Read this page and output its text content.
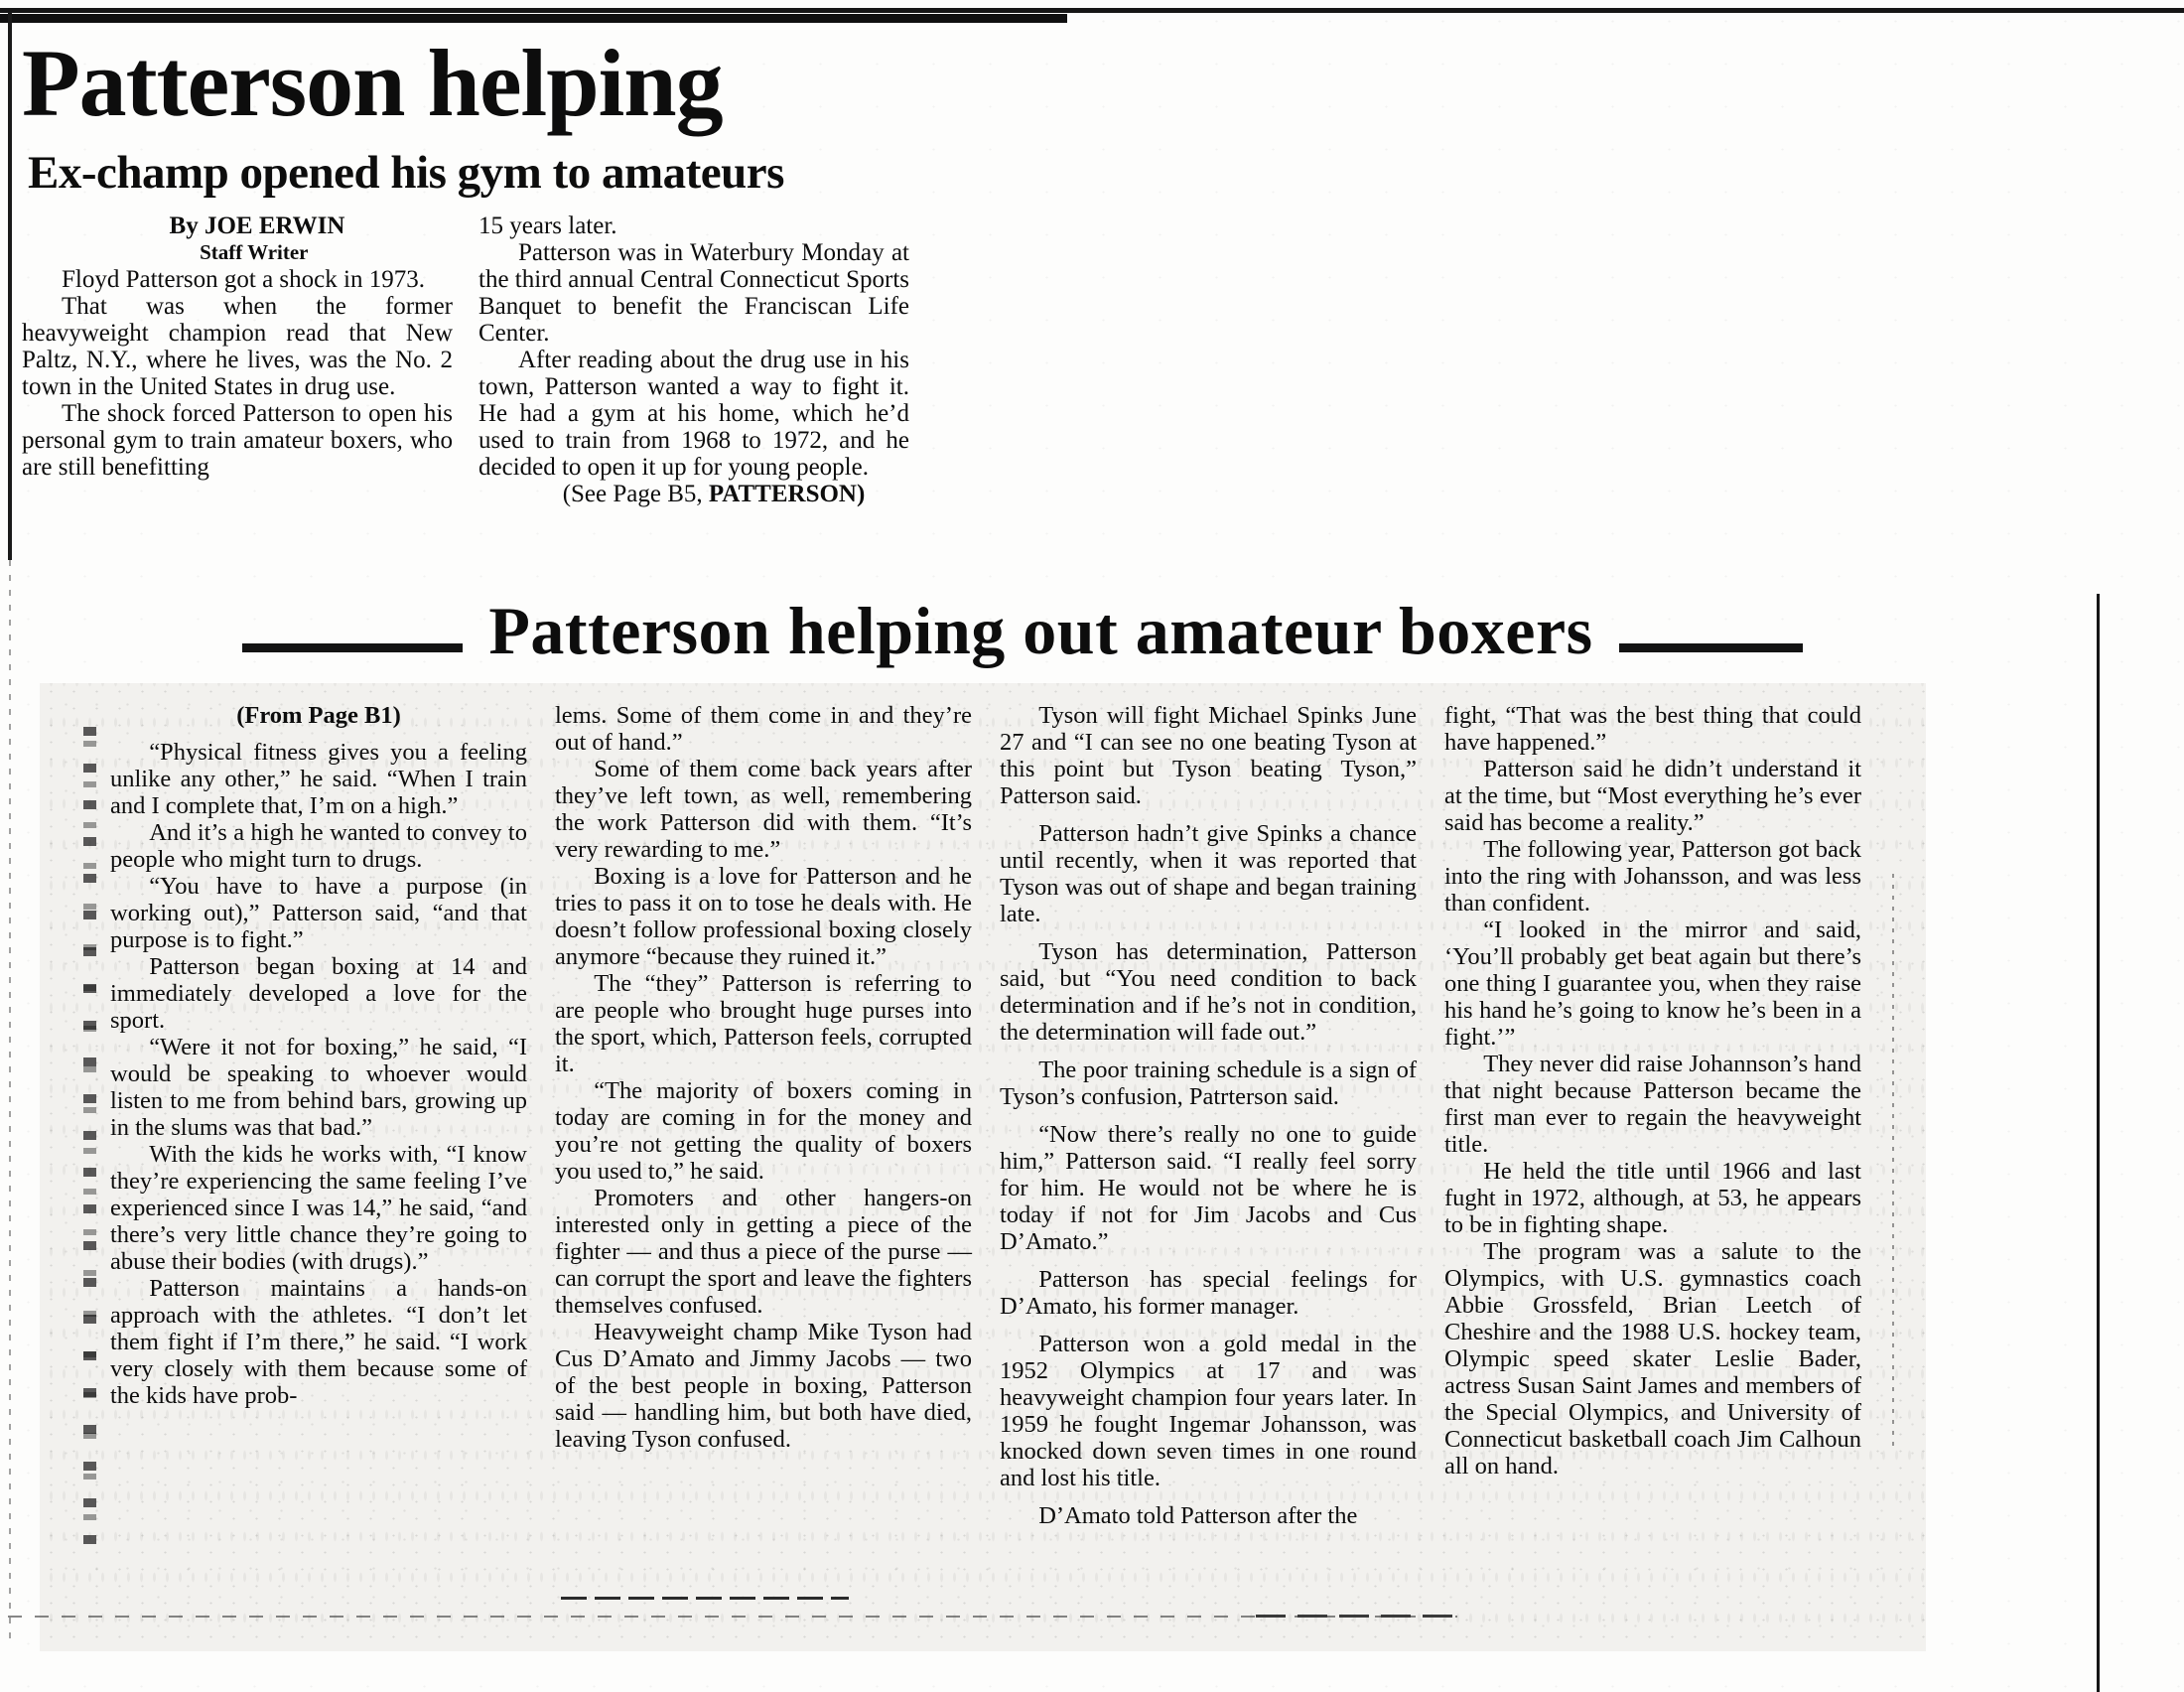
Patterson helping
Ex-champ opened his gym to amateurs

By JOE ERWIN

Staff Writer

Floyd Patterson got a shock in 1973.

That was when the former heavyweight champion read that New Paltz, N.Y., where he lives, was the No. 2 town in the United States in drug use.

The shock forced Patterson to open his personal gym to train amateur boxers, who are still benefitting

15 years later.

Patterson was in Waterbury Monday at the third annual Central Connecticut Sports Banquet to benefit the Franciscan Life Center.

After reading about the drug use in his town, Patterson wanted a way to fight it. He had a gym at his home, which he’d used to train from 1968 to 1972, and he decided to open it up for young people.

(See Page B5, PATTERSON)

Patterson helping out amateur boxers

(From Page B1)

“Physical fitness gives you a feeling unlike any other,” he said. “When I train and I complete that, I’m on a high.”

And it’s a high he wanted to convey to people who might turn to drugs.

“You have to have a purpose (in working out),” Patterson said, “and that purpose is to fight.”

Patterson began boxing at 14 and immediately developed a love for the sport.

“Were it not for boxing,” he said, “I would be speaking to whoever would listen to me from behind bars, growing up in the slums was that bad.”

With the kids he works with, “I know they’re experiencing the same feeling I’ve experienced since I was 14,” he said, “and there’s very little chance they’re going to abuse their bodies (with drugs).”

Patterson maintains a hands-on approach with the athletes. “I don’t let them fight if I’m there,” he said. “I work very closely with them because some of the kids have prob-

lems. Some of them come in and they’re out of hand.”

Some of them come back years after they’ve left town, as well, remembering the work Patterson did with them. “It’s very rewarding to me.”

Boxing is a love for Patterson and he tries to pass it on to tose he deals with. He doesn’t follow professional boxing closely anymore “because they ruined it.”

The “they” Patterson is referring to are people who brought huge purses into the sport, which, Patterson feels, corrupted it.

“The majority of boxers coming in today are coming in for the money and you’re not getting the quality of boxers you used to,” he said.

Promoters and other hangers-on interested only in getting a piece of the fighter — and thus a piece of the purse — can corrupt the sport and leave the fighters themselves confused.

Heavyweight champ Mike Tyson had Cus D’Amato and Jimmy Jacobs — two of the best people in boxing, Patterson said — handling him, but both have died, leaving Tyson confused.

Tyson will fight Michael Spinks June 27 and “I can see no one beating Tyson at this point but Tyson beating Tyson,” Patterson said.

Patterson hadn’t give Spinks a chance until recently, when it was reported that Tyson was out of shape and began training late.

Tyson has determination, Patterson said, but “You need condition to back determination and if he’s not in condition, the determination will fade out.”

The poor training schedule is a sign of Tyson’s confusion, Patrterson said.

“Now there’s really no one to guide him,” Patterson said. “I really feel sorry for him. He would not be where he is today if not for Jim Jacobs and Cus D’Amato.”

Patterson has special feelings for D’Amato, his former manager.

Patterson won a gold medal in the 1952 Olympics at 17 and was heavyweight champion four years later. In 1959 he fought Ingemar Johansson, was knocked down seven times in one round and lost his title.

D’Amato told Patterson after the

fight, “That was the best thing that could have happened.”

Patterson said he didn’t understand it at the time, but “Most everything he’s ever said has become a reality.”

The following year, Patterson got back into the ring with Johansson, and was less than confident.

“I looked in the mirror and said, ‘You’ll probably get beat again but there’s one thing I guarantee you, when they raise his hand he’s going to know he’s been in a fight.’”

They never did raise Johannson’s hand that night because Patterson became the first man ever to regain the heavyweight title.

He held the title until 1966 and last fught in 1972, although, at 53, he appears to be in fighting shape.

The program was a salute to the Olympics, with U.S. gymnastics coach Abbie Grossfeld, Brian Leetch of Cheshire and the 1988 U.S. hockey team, Olympic speed skater Leslie Bader, actress Susan Saint James and members of the Special Olympics, and University of Connecticut basketball coach Jim Calhoun all on hand.
